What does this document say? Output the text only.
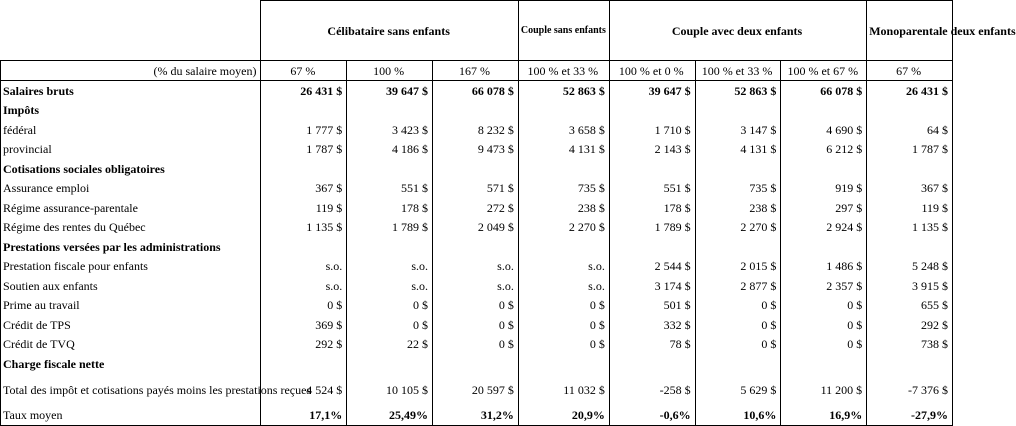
	Célibataire sans enfants			Couple sans enfants	Couple avec deux enfants			Monoparentale deux enfants
(% du salaire moyen)	67 %	100 %	167 %	100 % et 33 %	100 % et 0 %	100 % et 33 %	100 % et 67 %	67 %
Salaires bruts	26 431 $	39 647 $	66 078 $	52 863 $	39 647 $	52 863 $	66 078 $	26 431 $
Impôts								
fédéral	1 777 $	3 423 $	8 232 $	3 658 $	1 710 $	3 147 $	4 690 $	64 $
provincial	1 787 $	4 186 $	9 473 $	4 131 $	2 143 $	4 131 $	6 212 $	1 787 $
Cotisations sociales obligatoires								
Assurance emploi	367 $	551 $	571 $	735 $	551 $	735 $	919 $	367 $
Régime assurance-parentale	119 $	178 $	272 $	238 $	178 $	238 $	297 $	119 $
Régime des rentes du Québec	1 135 $	1 789 $	2 049 $	2 270 $	1 789 $	2 270 $	2 924 $	1 135 $
Prestations versées par les administrations								
Prestation fiscale pour enfants	s.o.	s.o.	s.o.	s.o.	2 544 $	2 015 $	1 486 $	5 248 $
Soutien aux enfants	s.o.	s.o.	s.o.	s.o.	3 174 $	2 877 $	2 357 $	3 915 $
Prime au travail	0 $	0 $	0 $	0 $	501 $	0 $	0 $	655 $
Crédit de TPS	369 $	0 $	0 $	0 $	332 $	0 $	0 $	292 $
Crédit de TVQ	292 $	22 $	0 $	0 $	78 $	0 $	0 $	738 $
Charge fiscale nette								
Total des impôt et cotisations payés moins les prestations reçues	4 524 $	10 105 $	20 597 $	11 032 $	-258 $	5 629 $	11 200 $	-7 376 $
Taux moyen	17,1%	25,49%	31,2%	20,9%	-0,6%	10,6%	16,9%	-27,9%
